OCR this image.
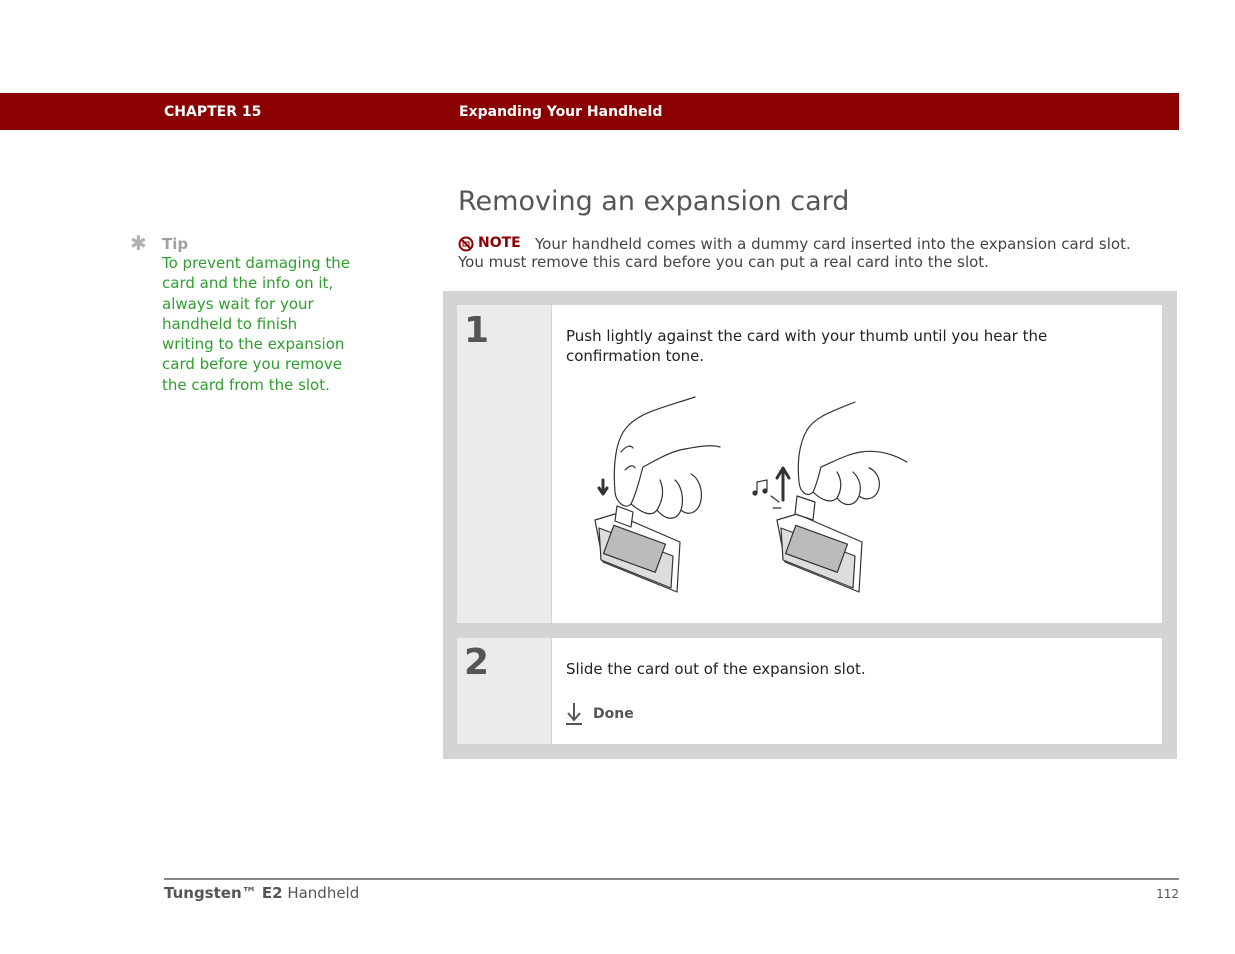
CHAPTER 15	Expanding Your Handheld
✱ Tip
To prevent damaging the card and the info on it, always wait for your handheld to finish writing to the expansion card before you remove the card from the slot.
Removing an expansion card
Your handheld comes with a dummy card inserted into the expansion card slot. You must remove this card before you can put a real card into the slot.
NOTE
1	Push lightly against the card with your thumb until you hear the confirmation tone.
2	Slide the card out of the expansion slot.
Done
Tungsten™ E2 Handheld	112
